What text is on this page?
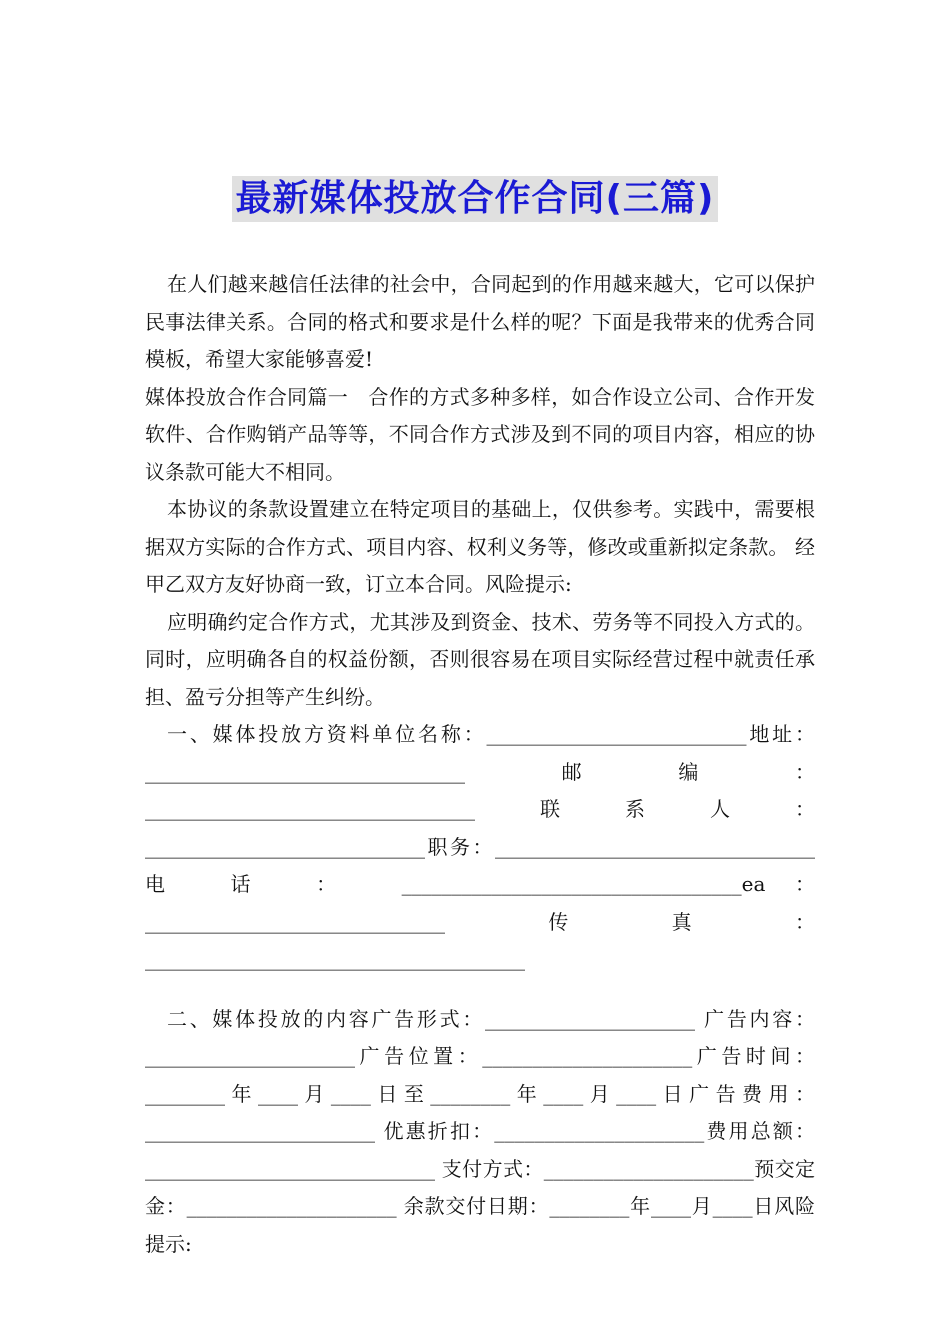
最新媒体投放合作合同(三篇)

在人们越来越信任法律的社会中，合同起到的作用越来越大，它可以保护民事法律关系。合同的格式和要求是什么样的呢？下面是我带来的优秀合同模板，希望大家能够喜爱!

媒体投放合作合同篇一　合作的方式多种多样，如合作设立公司、合作开发软件、合作购销产品等等，不同合作方式涉及到不同的项目内容，相应的协议条款可能大不相同。

本协议的条款设置建立在特定项目的基础上，仅供参考。实践中，需要根据双方实际的合作方式、项目内容、权利义务等，修改或重新拟定条款。 经甲乙双方友好协商一致，订立本合同。风险提示:

应明确约定合作方式，尤其涉及到资金、技术、劳务等不同投入方式的。同时，应明确各自的权益份额，否则很容易在项目实际经营过程中就责任承担、盈亏分担等产生纠纷。

一、媒体投放方资料单位名称：__________________________地址：________________________________邮编：_________________________________联系人：____________________________职务：________________________________ 电 话 ： __________________________________ea：______________________________传真：______________________________________

二、媒体投放的内容广告形式：_____________________ 广告内容：_____________________广告位置：_____________________广告时间：________年____月____日至________年____月____日广告费用：_______________________ 优惠折扣：_____________________费用总额：_____________________________ 支付方式：_____________________预交定金：_____________________ 余款交付日期：________年____月____日风险提示:
